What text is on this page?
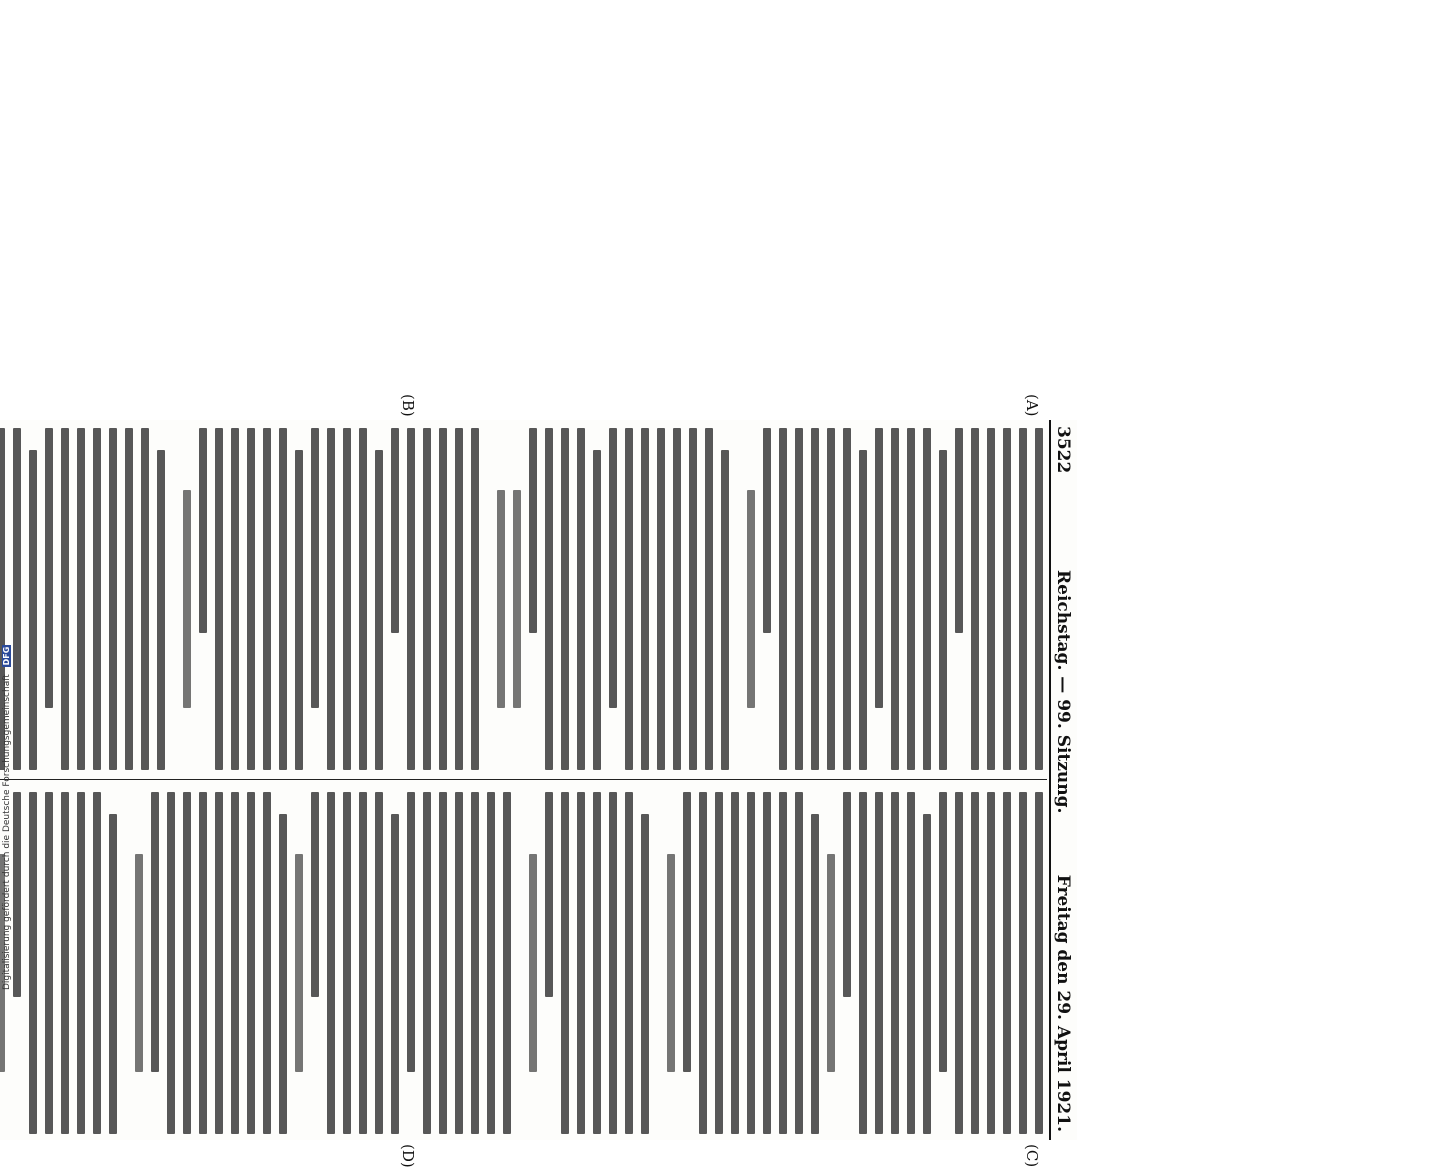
3522
Reichstag. — 99. Sitzung.
Freitag den 29. April 1921.
(A)
(B)
(C)
(D)
Digitalisierung gefördert durch die Deutsche Forschungsgemeinschaft DFG
